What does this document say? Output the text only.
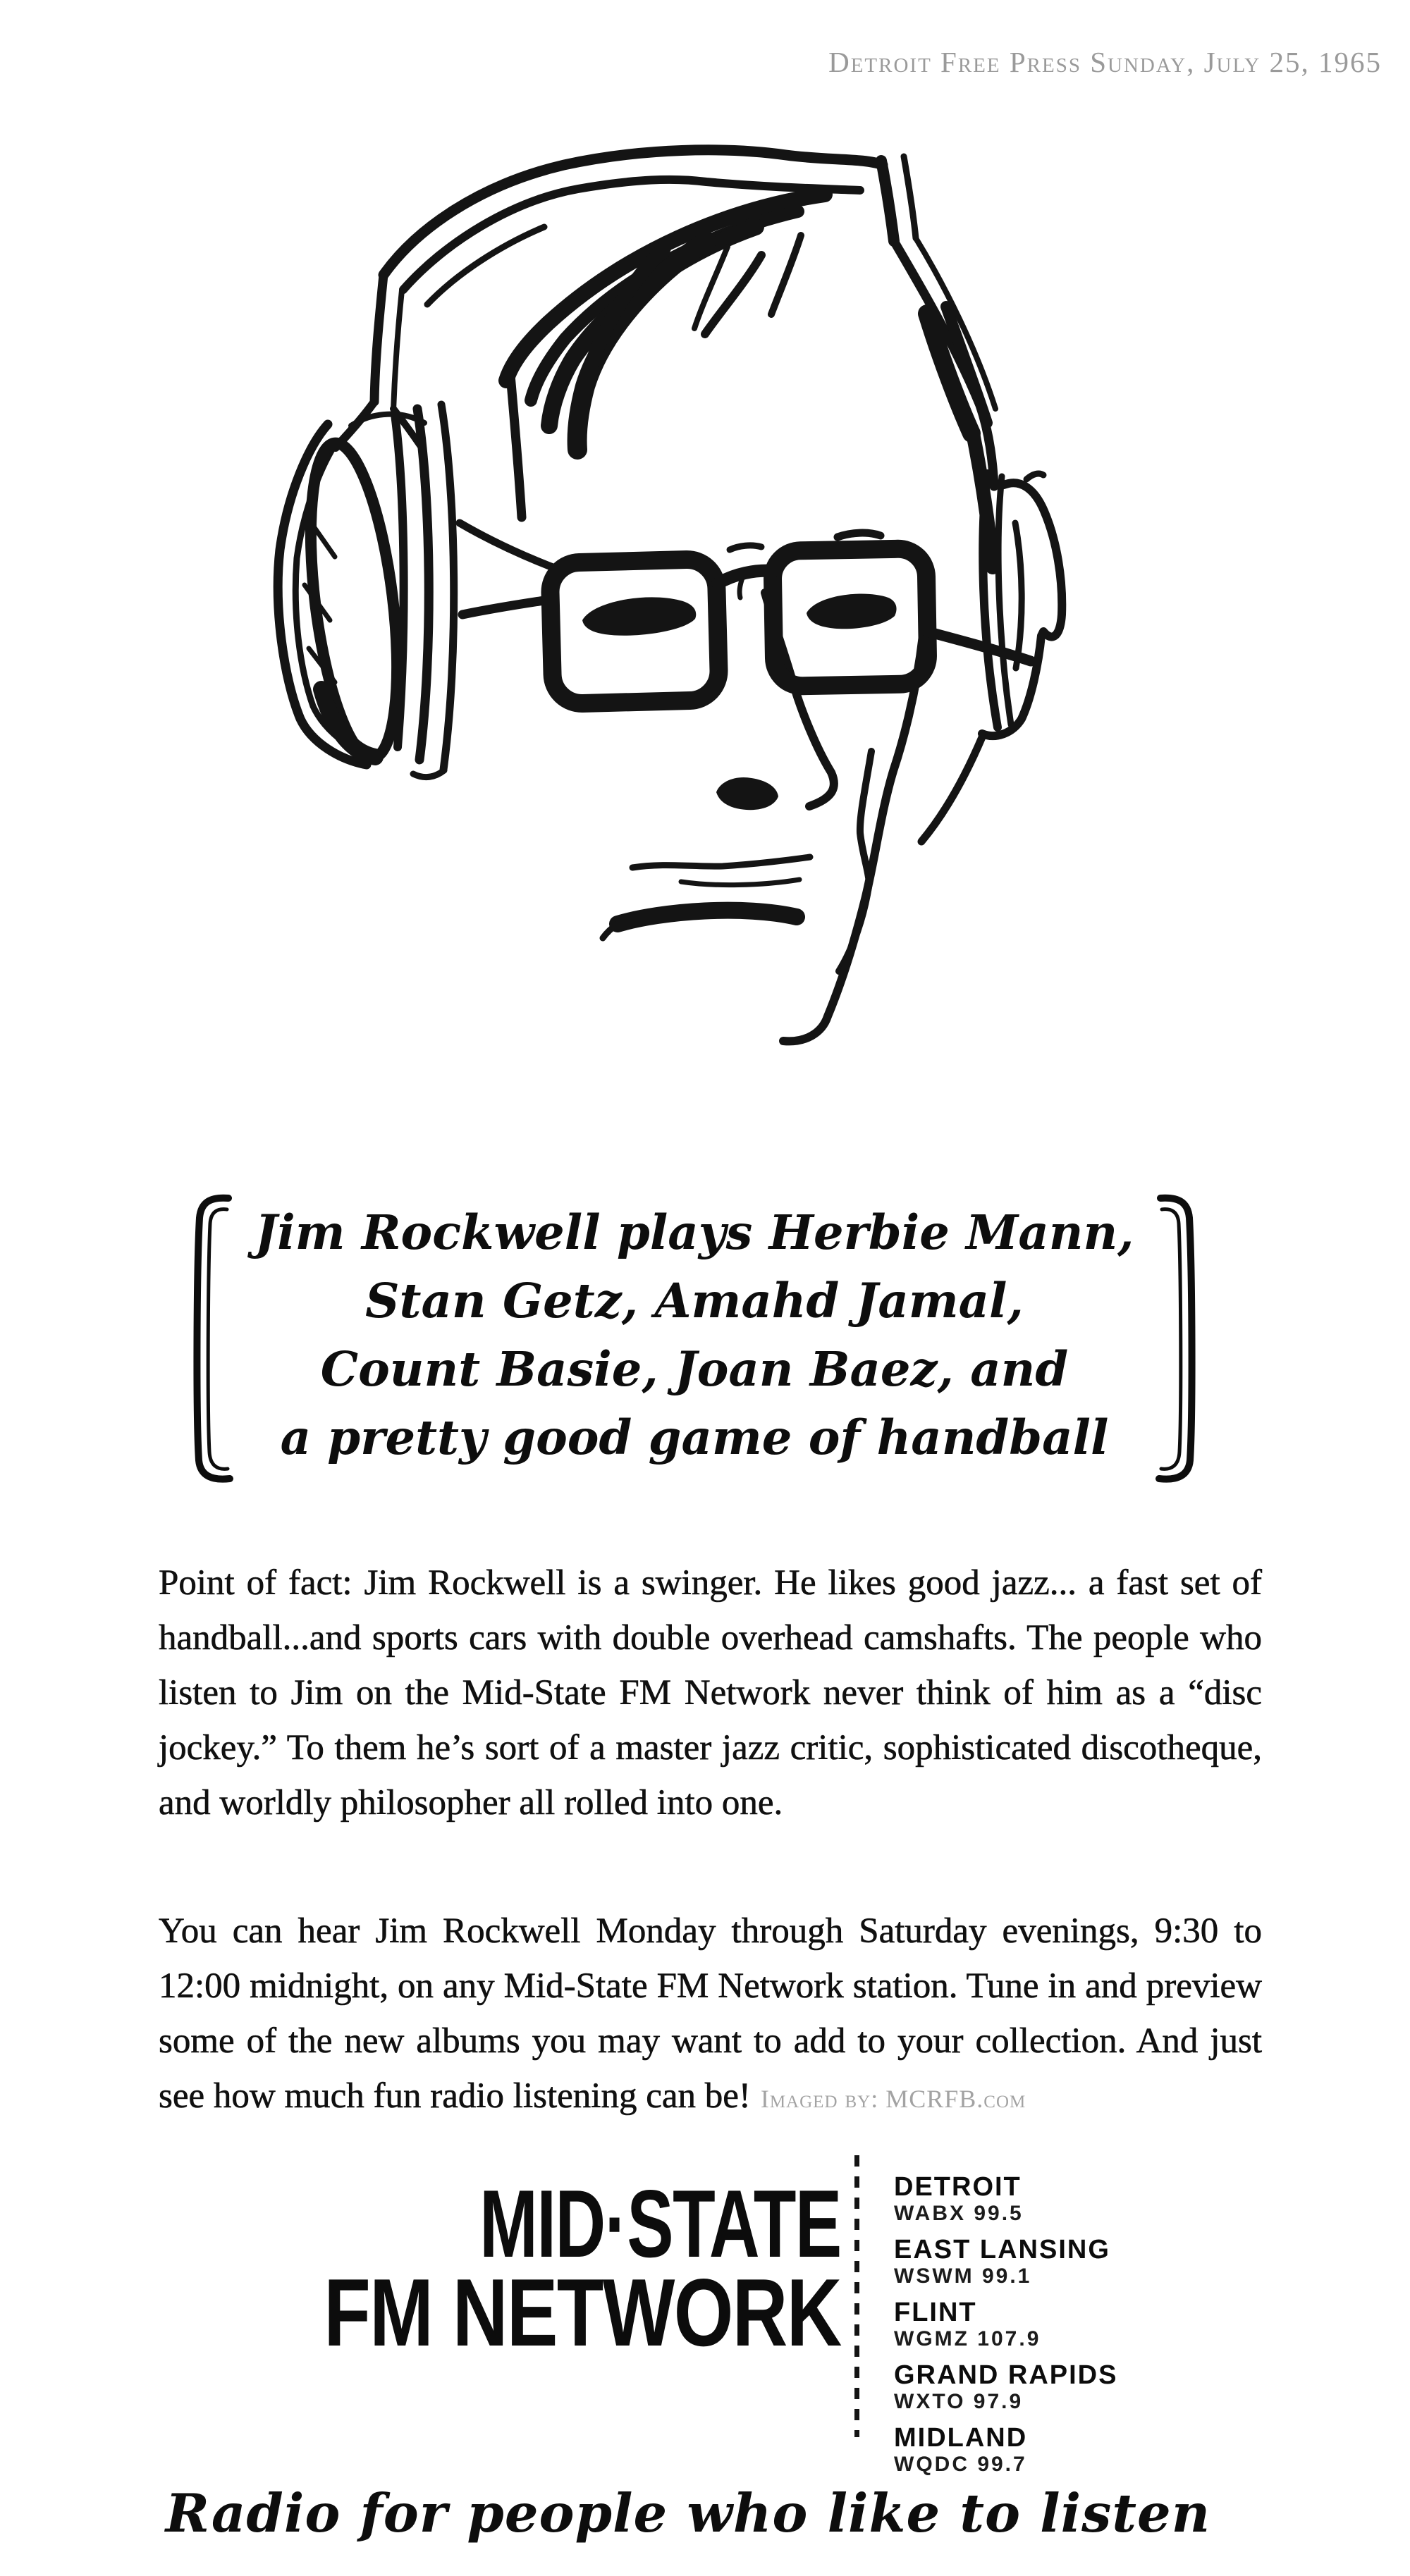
Detroit Free Press Sunday, July 25, 1965
Jim Rockwell plays Herbie Mann,
Stan Getz, Amahd Jamal,
Count Basie, Joan Baez, and
a pretty good game of handball

Point of fact: Jim Rockwell is a swinger. He likes good jazz... a fast set of handball...and sports cars with double overhead camshafts. The people who listen to Jim on the Mid-State FM Network never think of him as a “disc jockey.” To them he’s sort of a master jazz critic, sophisticated discotheque, and worldly philosopher all rolled into one.

You can hear Jim Rockwell Monday through Saturday evenings, 9:30 to 12:00 midnight, on any Mid-State FM Network station. Tune in and preview some of the new albums you may want to add to your collection. And just see how much fun radio listening can be! Imaged by: MCRFB.com

MID·STATE
FM NETWORK
DETROIT
WABX 99.5
EAST LANSING
WSWM 99.1
FLINT
WGMZ 107.9
GRAND RAPIDS
WXTO 97.9
MIDLAND
WQDC 99.7
Radio for people who like to listen
